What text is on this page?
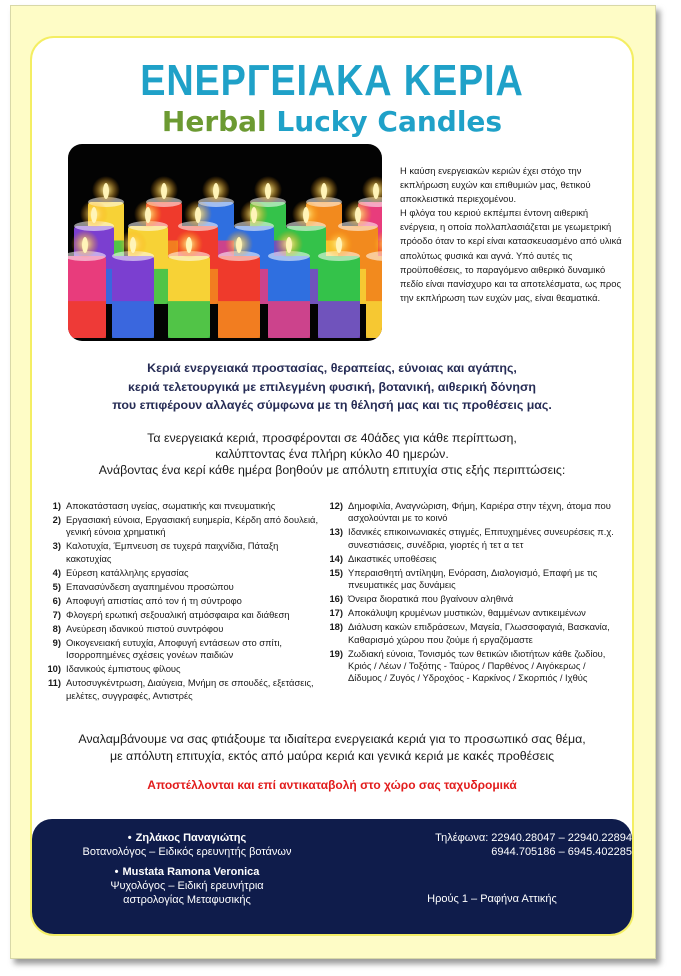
ΕΝΕΡΓΕΙΑΚΑ ΚΕΡΙΑ
Herbal Lucky Candles

Η καύση ενεργειακών κεριών έχει στόχο την εκπλήρωση ευχών και επιθυμιών μας, θετικού αποκλειστικά περιεχομένου.

Η φλόγα του κεριού εκπέμπει έντονη αιθερική ενέργεια, η οποία πολλαπλασιάζεται με γεωμετρική πρόοδο όταν το κερί είναι κατασκευασμένο από υλικά απολύτως φυσικά και αγνά. Υπό αυτές τις προϋποθέσεις, το παραγόμενο αιθερικό δυναμικό πεδίο είναι πανίσχυρο και τα αποτελέσματα, ως προς την εκπλήρωση των ευχών μας, είναι θεαματικά.

Κεριά ενεργειακά προστασίας, θεραπείας, εύνοιας και αγάπης,
κεριά τελετουργικά με επιλεγμένη φυσική, βοτανική, αιθερική δόνηση
που επιφέρουν αλλαγές σύμφωνα με τη θέλησή μας και τις προθέσεις μας.
Τα ενεργειακά κεριά, προσφέρονται σε 40άδες για κάθε περίπτωση,
καλύπτοντας ένα πλήρη κύκλο 40 ημερών.
Ανάβοντας ένα κερί κάθε ημέρα βοηθούν με απόλυτη επιτυχία στις εξής περιπτώσεις:
1) Αποκατάσταση υγείας, σωματικής και πνευματικής
2) Εργασιακή εύνοια, Εργασιακή ευημερία, Κέρδη από δουλειά, γενική εύνοια χρηματική
3) Καλοτυχία, Έμπνευση σε τυχερά παιχνίδια, Πάταξη κακοτυχίας
4) Εύρεση κατάλληλης εργασίας
5) Επανασύνδεση αγαπημένου προσώπου
6) Αποφυγή απιστίας από τον ή τη σύντροφο
7) Φλογερή ερωτική σεξουαλική ατμόσφαιρα και διάθεση
8) Ανεύρεση ιδανικού πιστού συντρόφου
9) Οικογενειακή ευτυχία, Αποφυγή εντάσεων στο σπίτι, Ισορροπημένες σχέσεις γονέων παιδιών
10) Ιδανικούς έμπιστους φίλους
11) Αυτοσυγκέντρωση, Διαύγεια, Μνήμη σε σπουδές, εξετάσεις, μελέτες, συγγραφές, Αντιστρές
12) Δημοφιλία, Αναγνώριση, Φήμη, Καριέρα στην τέχνη, άτομα που ασχολούνται με το κοινό
13) Ιδανικές επικοινωνιακές στιγμές, Επιτυχημένες συνευρέσεις π.χ. συνεστιάσεις, συνέδρια, γιορτές ή τετ α τετ
14) Δικαστικές υποθέσεις
15) Υπεραισθητή αντίληψη, Ενόραση, Διαλογισμό, Επαφή με τις πνευματικές μας δυνάμεις
16) Όνειρα διορατικά που βγαίνουν αληθινά
17) Αποκάλυψη κρυμένων μυστικών, θαμμένων αντικειμένων
18) Διάλυση κακών επιδράσεων, Μαγεία, Γλωσσοφαγιά, Βασκανία, Καθαρισμό χώρου που ζούμε ή εργαζόμαστε
19) Ζωδιακή εύνοια, Τονισμός των θετικών ιδιοτήτων κάθε ζωδίου, Κριός / Λέων / Τοξότης - Ταύρος / Παρθένος / Αιγόκερως / Δίδυμος / Ζυγός / Υδροχόος - Καρκίνος / Σκορπιός / Ιχθύς
Αναλαμβάνουμε να σας φτιάξουμε τα ιδιαίτερα ενεργειακά κεριά για το προσωπικό σας θέμα,
με απόλυτη επιτυχία, εκτός από μαύρα κεριά και γενικά κεριά με κακές προθέσεις
Αποστέλλονται και επί αντικαταβολή στο χώρο σας ταχυδρομικά
• Ζηλάκος Παναγιώτης
Βοτανολόγος – Ειδικός ερευνητής βοτάνων
• Mustata Ramona Veronica
Ψυχολόγος – Ειδική ερευνήτρια
αστρολογίας Μεταφυσικής
Τηλέφωνα: 22940.28047 – 22940.22894
6944.705186 – 6945.402285
Ηρούς 1 – Ραφήνα Αττικής
